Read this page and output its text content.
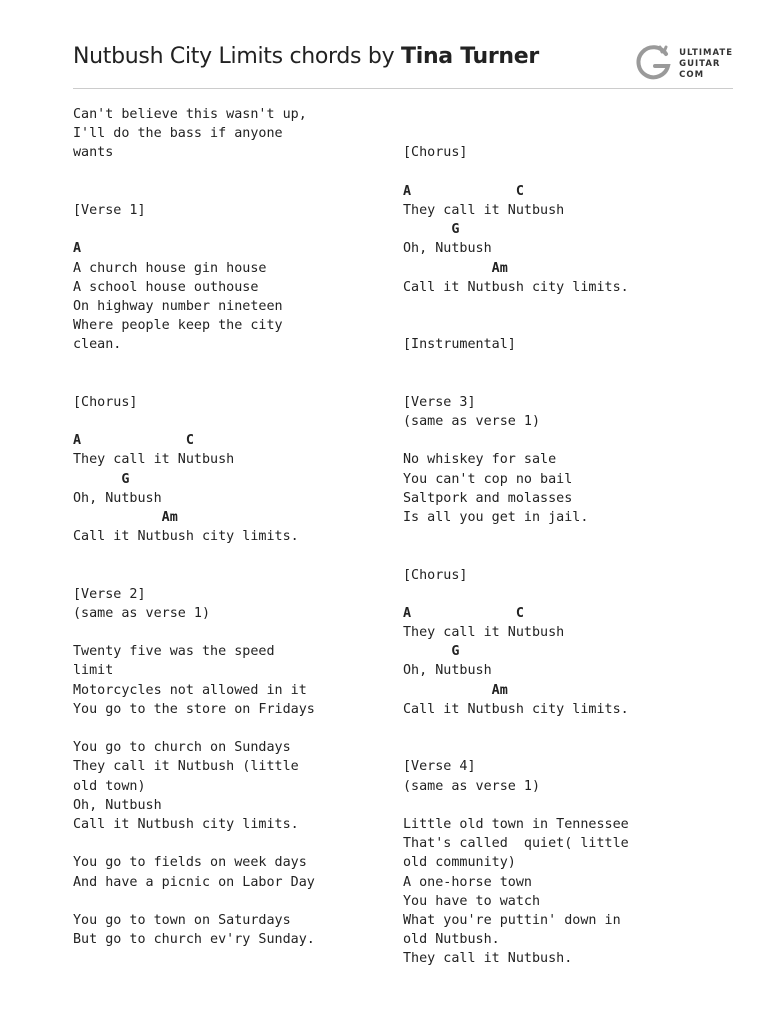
Nutbush City Limits chords by Tina Turner	ULTIMATE
GUITAR
COM
Can't believe this wasn't up,
I'll do the bass if anyone
wants
[Verse 1]
A
A church house gin house
A school house outhouse
On highway number nineteen
Where people keep the city
clean.
[Chorus]
A             C
They call it Nutbush
G
Oh, Nutbush
Am
Call it Nutbush city limits.
[Verse 2]
(same as verse 1)
Twenty five was the speed
limit
Motorcycles not allowed in it
You go to the store on Fridays
You go to church on Sundays
They call it Nutbush (little
old town)
Oh, Nutbush
Call it Nutbush city limits.
You go to fields on week days
And have a picnic on Labor Day
You go to town on Saturdays
But go to church ev'ry Sunday.
[Chorus]
A             C
They call it Nutbush
G
Oh, Nutbush
Am
Call it Nutbush city limits.
[Instrumental]
[Verse 3]
(same as verse 1)
No whiskey for sale
You can't cop no bail
Saltpork and molasses
Is all you get in jail.
[Chorus]
A             C
They call it Nutbush
G
Oh, Nutbush
Am
Call it Nutbush city limits.
[Verse 4]
(same as verse 1)
Little old town in Tennessee
That's called  quiet( little
old community)
A one-horse town
You have to watch
What you're puttin' down in
old Nutbush.
They call it Nutbush.
